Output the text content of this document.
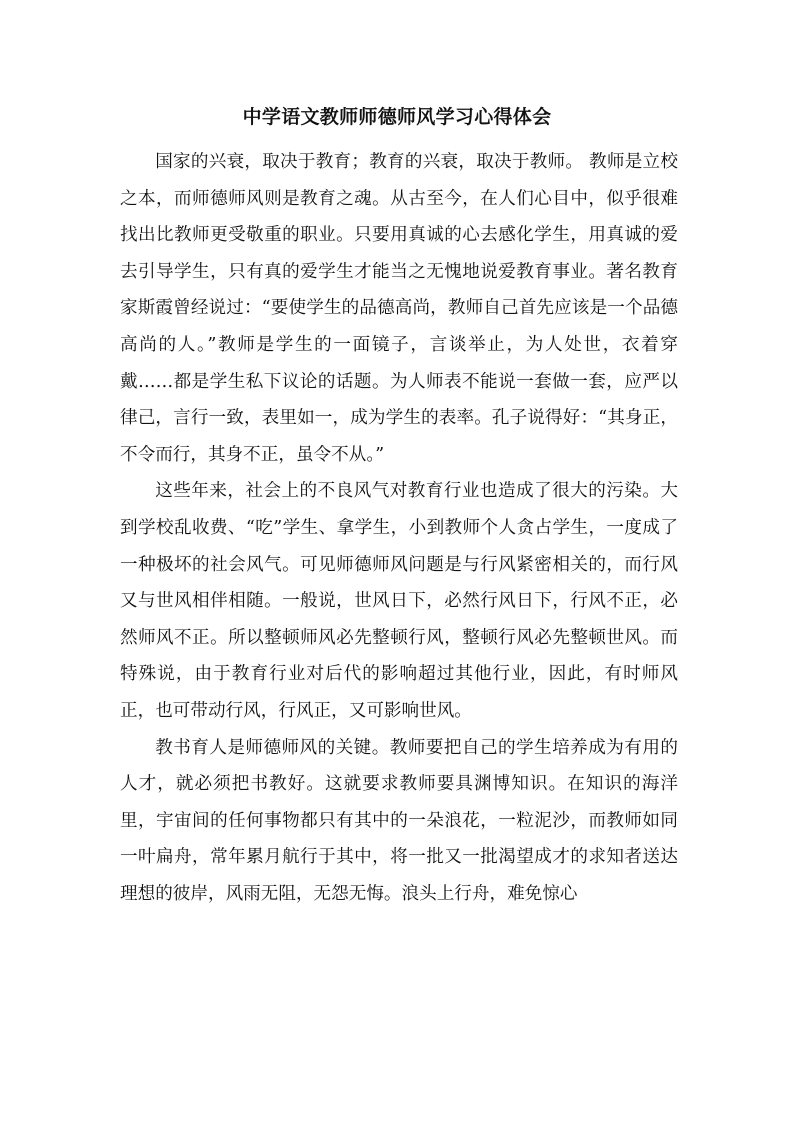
中学语文教师师德师风学习心得体会

国家的兴衰，取决于教育；教育的兴衰，取决于教师。 教师是立校之本，而师德师风则是教育之魂。从古至今，在人们心目中，似乎很难找出比教师更受敬重的职业。只要用真诚的心去感化学生，用真诚的爱去引导学生，只有真的爱学生才能当之无愧地说爱教育事业。著名教育家斯霞曾经说过：“要使学生的品德高尚，教师自己首先应该是一个品德高尚的人。”教师是学生的一面镜子，言谈举止，为人处世，衣着穿戴……都是学生私下议论的话题。为人师表不能说一套做一套，应严以律己，言行一致，表里如一，成为学生的表率。孔子说得好：“其身正，不令而行，其身不正，虽令不从。”

这些年来，社会上的不良风气对教育行业也造成了很大的污染。大到学校乱收费、“吃”学生、拿学生，小到教师个人贪占学生，一度成了一种极坏的社会风气。可见师德师风问题是与行风紧密相关的，而行风又与世风相伴相随。一般说，世风日下，必然行风日下，行风不正，必然师风不正。所以整顿师风必先整顿行风，整顿行风必先整顿世风。而特殊说，由于教育行业对后代的影响超过其他行业，因此，有时师风正，也可带动行风，行风正，又可影响世风。

教书育人是师德师风的关键。教师要把自己的学生培养成为有用的人才，就必须把书教好。这就要求教师要具渊博知识。在知识的海洋里，宇宙间的任何事物都只有其中的一朵浪花，一粒泥沙，而教师如同一叶扁舟，常年累月航行于其中，将一批又一批渴望成才的求知者送达理想的彼岸，风雨无阻，无怨无悔。浪头上行舟，难免惊心
